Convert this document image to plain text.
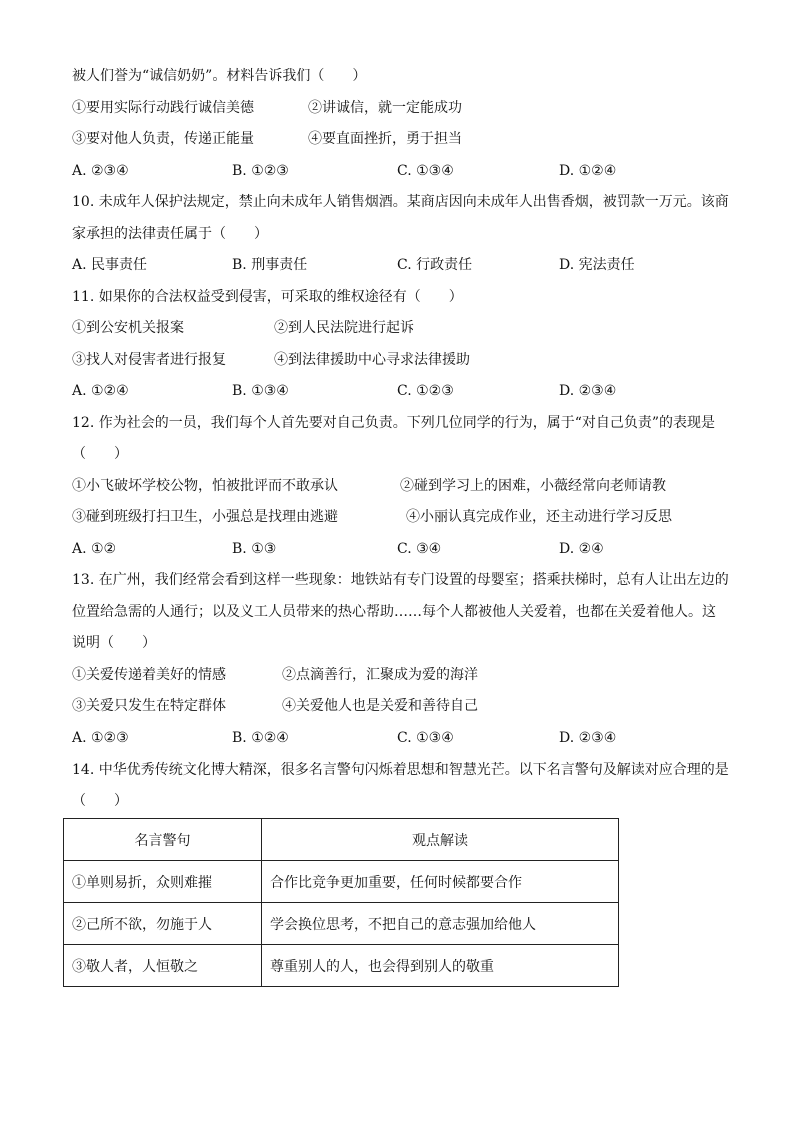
被人们誉为“诚信奶奶”。材料告诉我们（　　）
①要用实际行动践行诚信美德	②讲诚信，就一定能成功
③要对他人负责，传递正能量	④要直面挫折，勇于担当
A. ②③④	B. ①②③	C. ①③④	D. ①②④
10. 未成年人保护法规定，禁止向未成年人销售烟酒。某商店因向未成年人出售香烟，被罚款一万元。该商
家承担的法律责任属于（　　）
A. 民事责任	B. 刑事责任	C. 行政责任	D. 宪法责任
11. 如果你的合法权益受到侵害，可采取的维权途径有（　　）
①到公安机关报案	②到人民法院进行起诉
③找人对侵害者进行报复	④到法律援助中心寻求法律援助
A. ①②④	B. ①③④	C. ①②③	D. ②③④
12. 作为社会的一员，我们每个人首先要对自己负责。下列几位同学的行为，属于“对自己负责”的表现是
（　　）
①小飞破坏学校公物，怕被批评而不敢承认	②碰到学习上的困难，小薇经常向老师请教
③碰到班级打扫卫生，小强总是找理由逃避	④小丽认真完成作业，还主动进行学习反思
A. ①②	B. ①③	C. ③④	D. ②④
13. 在广州，我们经常会看到这样一些现象：地铁站有专门设置的母婴室；搭乘扶梯时，总有人让出左边的
位置给急需的人通行；以及义工人员带来的热心帮助……每个人都被他人关爱着，也都在关爱着他人。这
说明（　　）
①关爱传递着美好的情感	②点滴善行，汇聚成为爱的海洋
③关爱只发生在特定群体	④关爱他人也是关爱和善待自己
A. ①②③	B. ①②④	C. ①③④	D. ②③④
14. 中华优秀传统文化博大精深，很多名言警句闪烁着思想和智慧光芒。以下名言警句及解读对应合理的是
（　　）
名言警句	观点解读
①单则易折，众则难摧	合作比竞争更加重要，任何时候都要合作
②己所不欲，勿施于人	学会换位思考，不把自己的意志强加给他人
③敬人者，人恒敬之	尊重别人的人，也会得到别人的敬重
